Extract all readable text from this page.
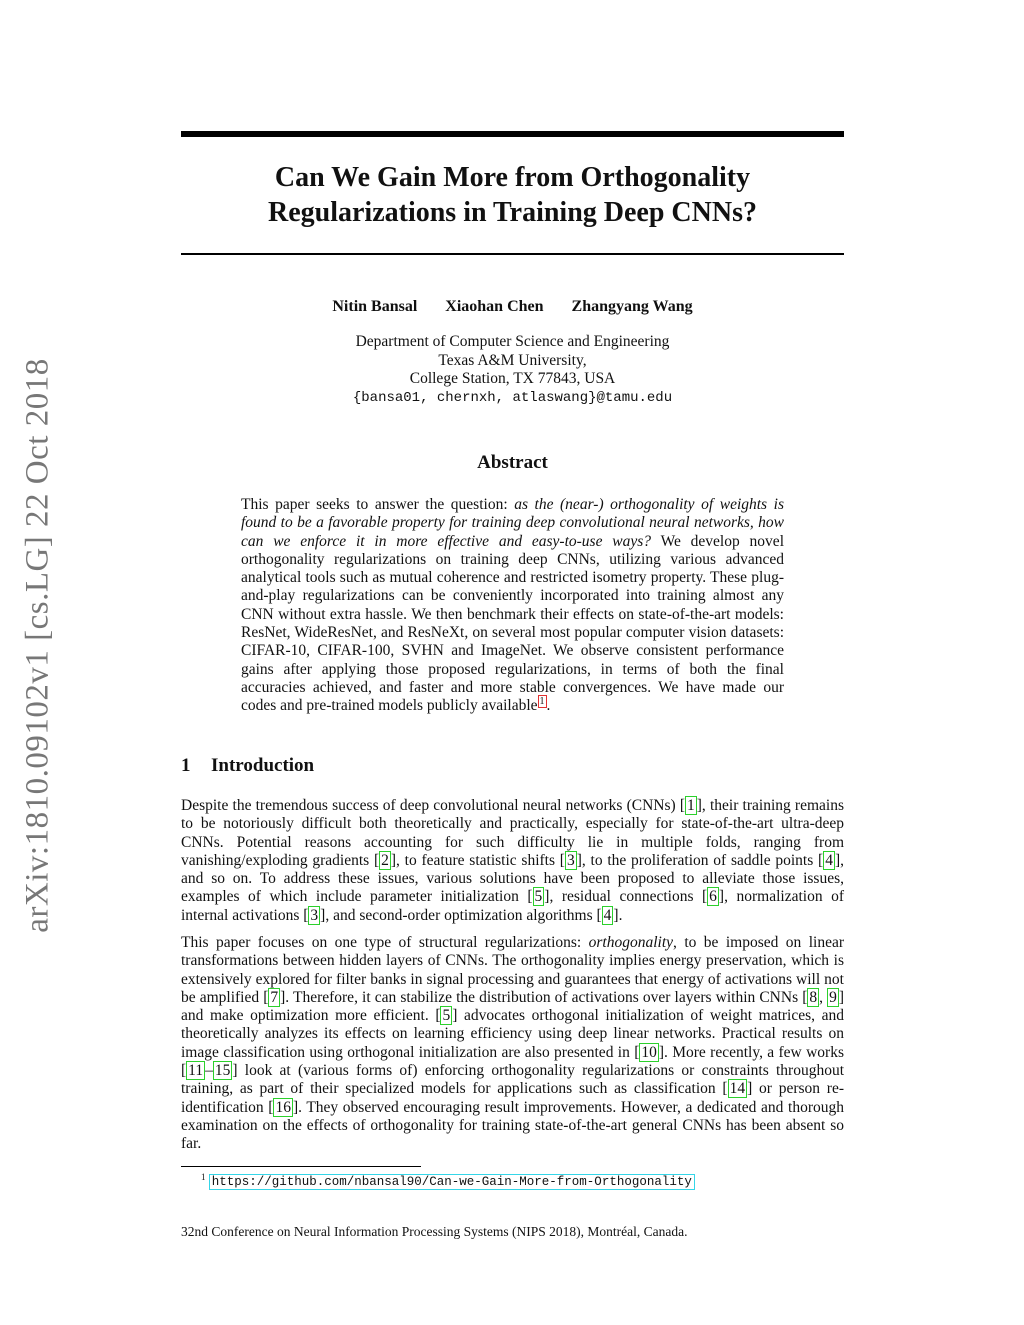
arXiv:1810.09102v1 [cs.LG] 22 Oct 2018
Can We Gain More from Orthogonality
Regularizations in Training Deep CNNs?
Nitin Bansal Xiaohan Chen Zhangyang Wang
Department of Computer Science and Engineering
Texas A&M University,
College Station, TX 77843, USA
{bansa01, chernxh, atlaswang}@tamu.edu
Abstract

This paper seeks to answer the question: as the (near-) orthogonality of weights is found to be a favorable property for training deep convolutional neural networks, how can we enforce it in more effective and easy-to-use ways? We develop novel orthogonality regularizations on training deep CNNs, utilizing various advanced analytical tools such as mutual coherence and restricted isometry property. These plug-and-play regularizations can be conveniently incorporated into training almost any CNN without extra hassle. We then benchmark their effects on state-of-the-art models: ResNet, WideResNet, and ResNeXt, on several most popular computer vision datasets: CIFAR-10, CIFAR-100, SVHN and ImageNet. We observe consistent performance gains after applying those proposed regularizations, in terms of both the final accuracies achieved, and faster and more stable convergences. We have made our codes and pre-trained models publicly available $^1$ .

1 Introduction

Despite the tremendous success of deep convolutional neural networks (CNNs) [ 1 ], their training remains to be notoriously difficult both theoretically and practically, especially for state-of-the-art ultra-deep CNNs. Potential reasons accounting for such difficulty lie in multiple folds, ranging from vanishing/exploding gradients [ 2 ], to feature statistic shifts [ 3 ], to the proliferation of saddle points [ 4 ], and so on. To address these issues, various solutions have been proposed to alleviate those issues, examples of which include parameter initialization [ 5 ], residual connections [ 6 ], normalization of internal activations [ 3 ], and second-order optimization algorithms [ 4 ].

This paper focuses on one type of structural regularizations: orthogonality, to be imposed on linear transformations between hidden layers of CNNs. The orthogonality implies energy preservation, which is extensively explored for filter banks in signal processing and guarantees that energy of activations will not be amplified [ 7 ]. Therefore, it can stabilize the distribution of activations over layers within CNNs [ 8 , 9 ] and make optimization more efficient. [ 5 ] advocates orthogonal initialization of weight matrices, and theoretically analyzes its effects on learning efficiency using deep linear networks. Practical results on image classification using orthogonal initialization are also presented in [ 10 ]. More recently, a few works [ 11 – 15 ] look at (various forms of) enforcing orthogonality regularizations or constraints throughout training, as part of their specialized models for applications such as classification [ 14 ] or person re-identification [ 16 ]. They observed encouraging result improvements. However, a dedicated and thorough examination on the effects of orthogonality for training state-of-the-art general CNNs has been absent so far.

$^1$ https://github.com/nbansal90/Can-we-Gain-More-from-Orthogonality
32nd Conference on Neural Information Processing Systems (NIPS 2018), Montréal, Canada.
